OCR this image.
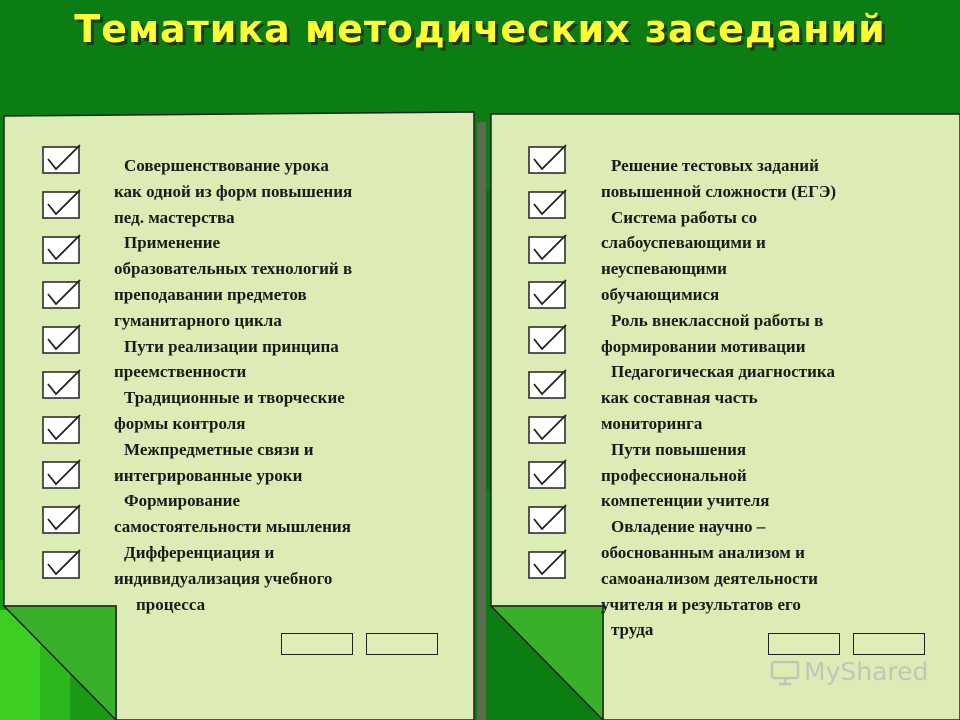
Тематика методических заседаний

Совершенствование урока
как одной из форм повышения
пед. мастерства

Применение
образовательных технологий в
преподавании предметов
гуманитарного цикла

Пути реализации принципа
преемственности

Традиционные и творческие
формы контроля

Межпредметные связи и
интегрированные уроки

Формирование
самостоятельности мышления

Дифференциация и
индивидуализация учебного
процесса

Решение тестовых заданий
повышенной сложности (ЕГЭ)

Система работы со
слабоуспевающими и
неуспевающими
обучающимися

Роль внеклассной работы в
формировании мотивации

Педагогическая диагностика
как составная часть
мониторинга

Пути повышения
профессиональной
компетенции учителя

Овладение научно –
обоснованным анализом и
самоанализом деятельности
учителя и результатов его
труда

MyShared
